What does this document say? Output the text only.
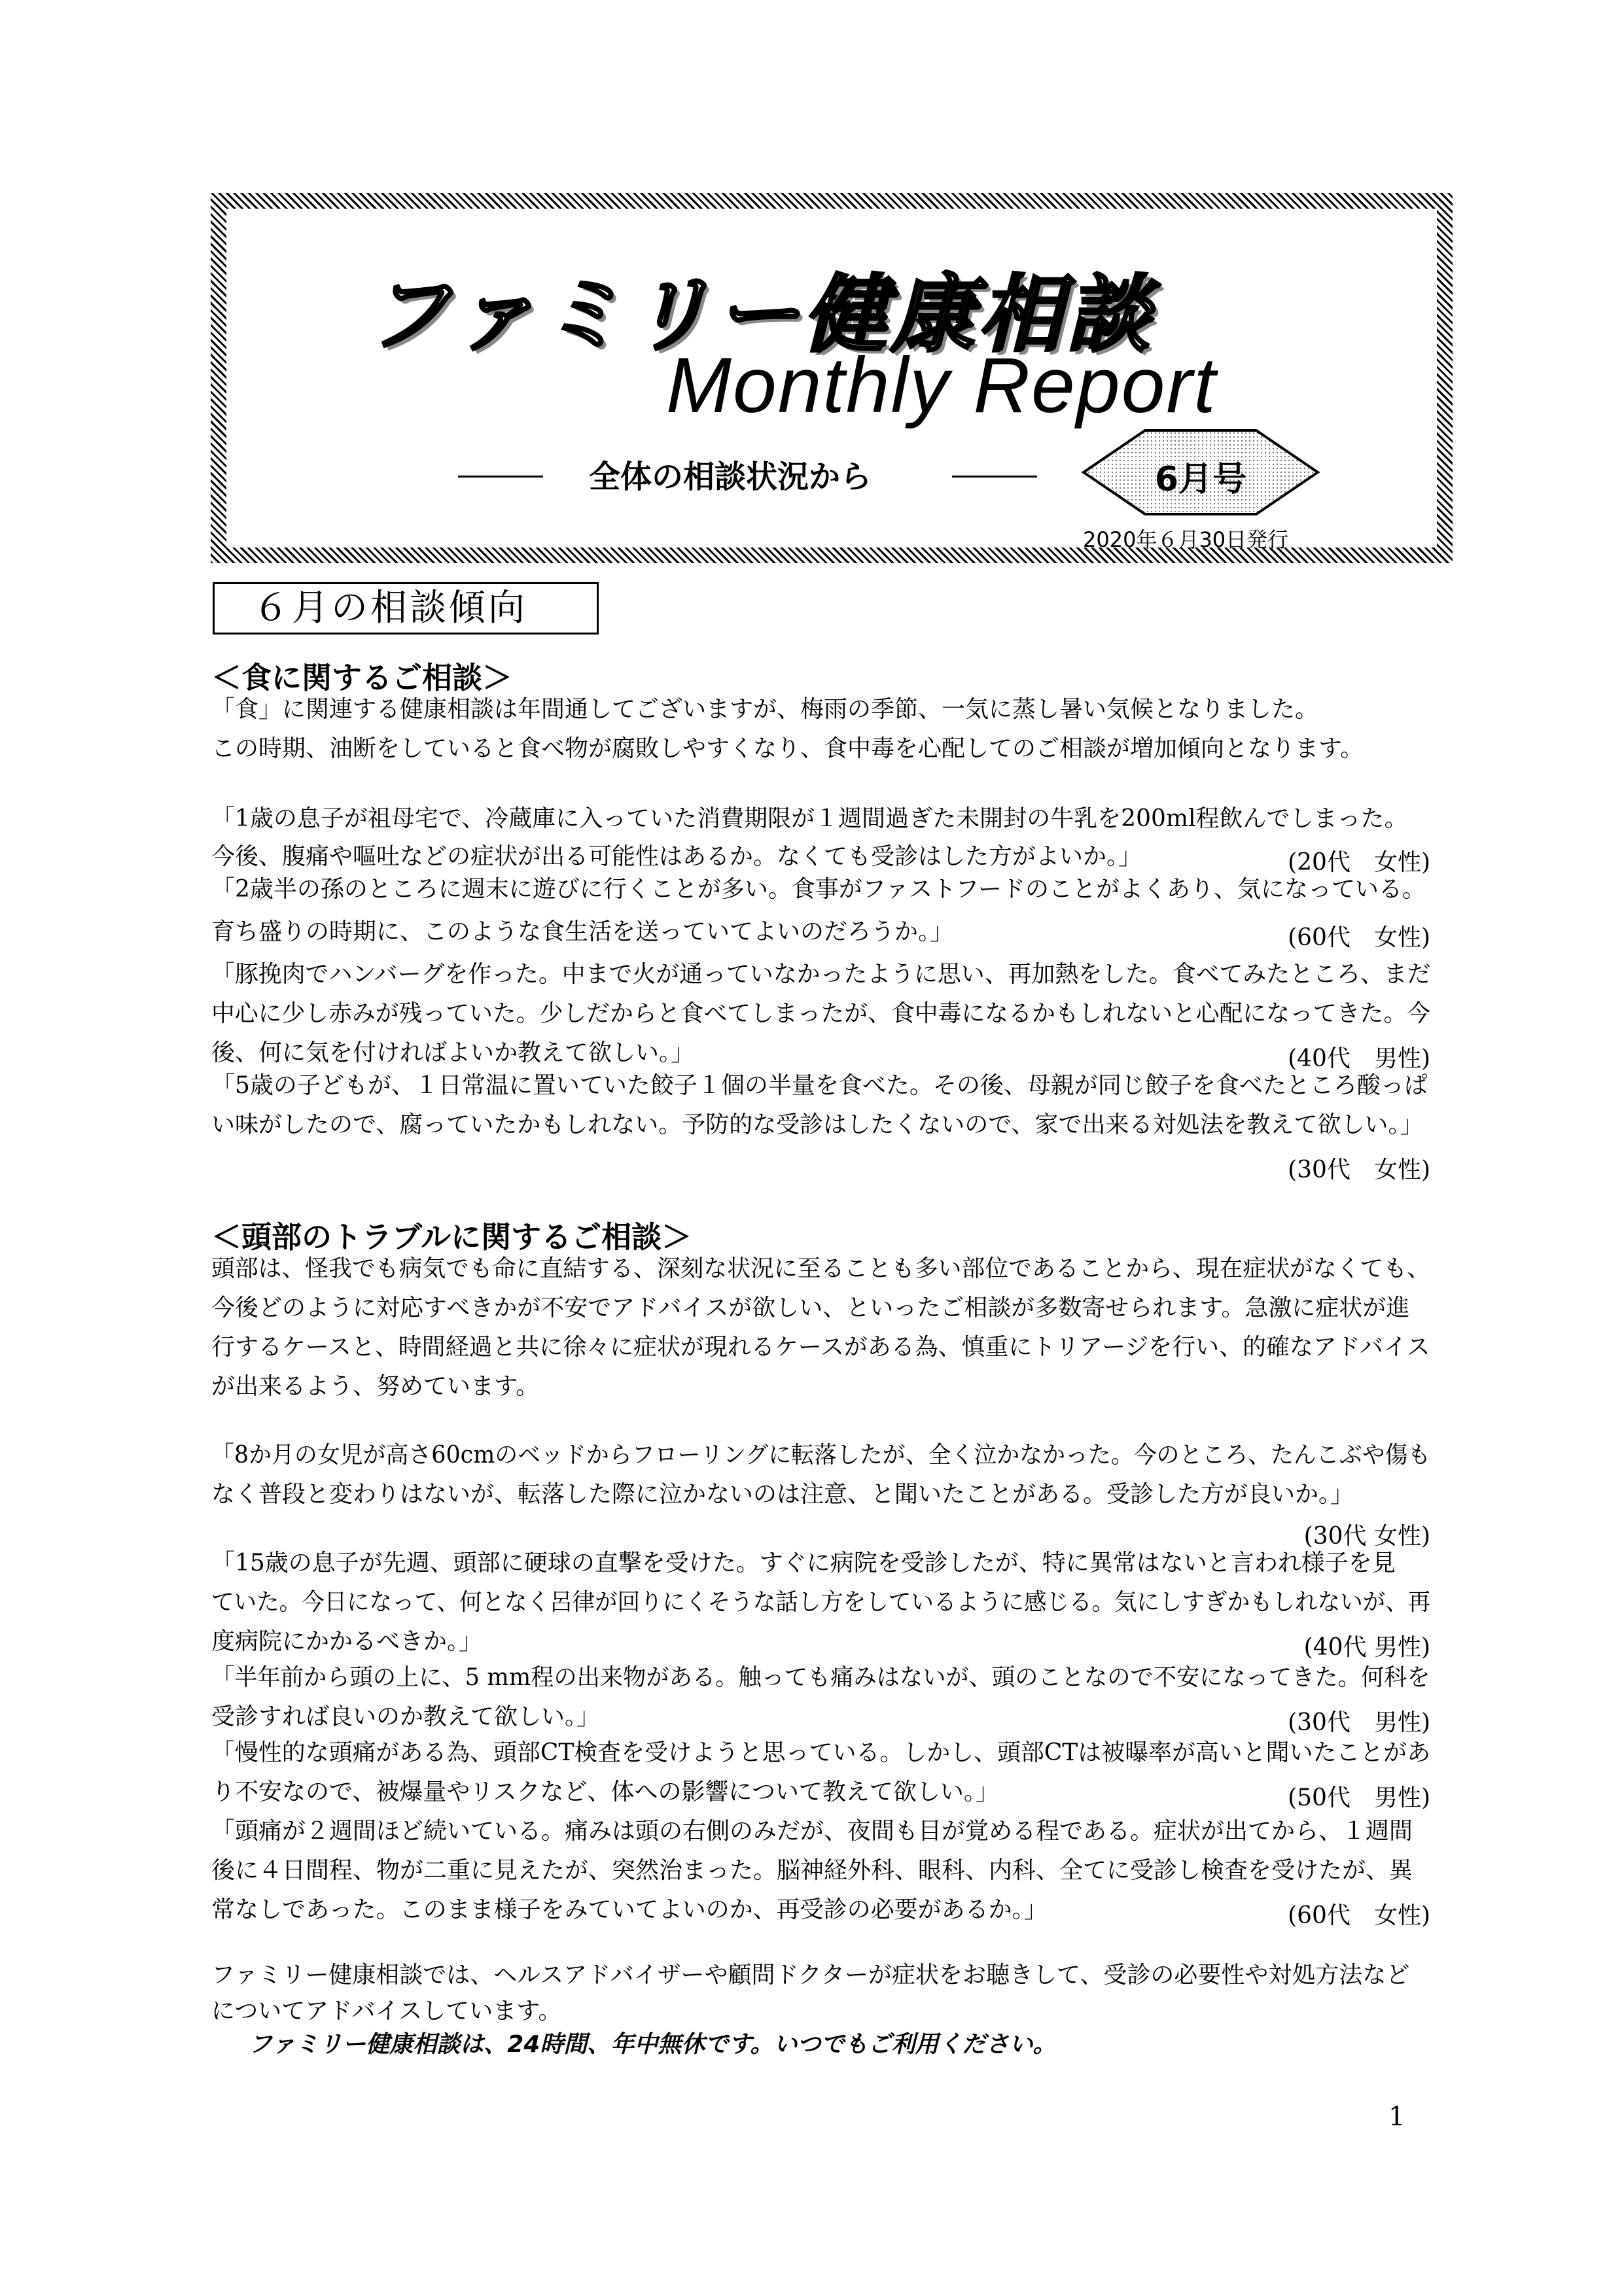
ファミリー健康相談
Monthly Report
全体の相談状況から	6月号
2020年６月30日発行
６月の相談傾向
＜食に関するご相談＞
「食」に関連する健康相談は年間通してございますが、梅雨の季節、一気に蒸し暑い気候となりました。
この時期、油断をしていると食べ物が腐敗しやすくなり、食中毒を心配してのご相談が増加傾向となります。
「1歳の息子が祖母宅で、冷蔵庫に入っていた消費期限が１週間過ぎた未開封の牛乳を200ml程飲んでしまった。
今後、腹痛や嘔吐などの症状が出る可能性はあるか。なくても受診はした方がよいか。」	(20代　女性)
「2歳半の孫のところに週末に遊びに行くことが多い。食事がファストフードのことがよくあり、気になっている。
育ち盛りの時期に、このような食生活を送っていてよいのだろうか。」	(60代　女性)
「豚挽肉でハンバーグを作った。中まで火が通っていなかったように思い、再加熱をした。食べてみたところ、まだ
中心に少し赤みが残っていた。少しだからと食べてしまったが、食中毒になるかもしれないと心配になってきた。今
後、何に気を付ければよいか教えて欲しい。」	(40代　男性)
「5歳の子どもが、１日常温に置いていた餃子１個の半量を食べた。その後、母親が同じ餃子を食べたところ酸っぱ
い味がしたので、腐っていたかもしれない。予防的な受診はしたくないので、家で出来る対処法を教えて欲しい。」
(30代　女性)
＜頭部のトラブルに関するご相談＞
頭部は、怪我でも病気でも命に直結する、深刻な状況に至ることも多い部位であることから、現在症状がなくても、
今後どのように対応すべきかが不安でアドバイスが欲しい、といったご相談が多数寄せられます。急激に症状が進
行するケースと、時間経過と共に徐々に症状が現れるケースがある為、慎重にトリアージを行い、的確なアドバイス
が出来るよう、努めています。
「8か月の女児が高さ60cmのベッドからフローリングに転落したが、全く泣かなかった。今のところ、たんこぶや傷も
なく普段と変わりはないが、転落した際に泣かないのは注意、と聞いたことがある。受診した方が良いか。」
(30代 女性)
「15歳の息子が先週、頭部に硬球の直撃を受けた。すぐに病院を受診したが、特に異常はないと言われ様子を見
ていた。今日になって、何となく呂律が回りにくそうな話し方をしているように感じる。気にしすぎかもしれないが、再
度病院にかかるべきか。」	(40代 男性)
「半年前から頭の上に、5 mm程の出来物がある。触っても痛みはないが、頭のことなので不安になってきた。何科を
受診すれば良いのか教えて欲しい。」	(30代　男性)
「慢性的な頭痛がある為、頭部CT検査を受けようと思っている。しかし、頭部CTは被曝率が高いと聞いたことがあ
り不安なので、被爆量やリスクなど、体への影響について教えて欲しい。」	(50代　男性)
「頭痛が２週間ほど続いている。痛みは頭の右側のみだが、夜間も目が覚める程である。症状が出てから、１週間
後に４日間程、物が二重に見えたが、突然治まった。脳神経外科、眼科、内科、全てに受診し検査を受けたが、異
常なしであった。このまま様子をみていてよいのか、再受診の必要があるか。」	(60代　女性)
ファミリー健康相談では、ヘルスアドバイザーや顧問ドクターが症状をお聴きして、受診の必要性や対処方法など
についてアドバイスしています。
ファミリー健康相談は、24時間、年中無休です。いつでもご利用ください。
1
